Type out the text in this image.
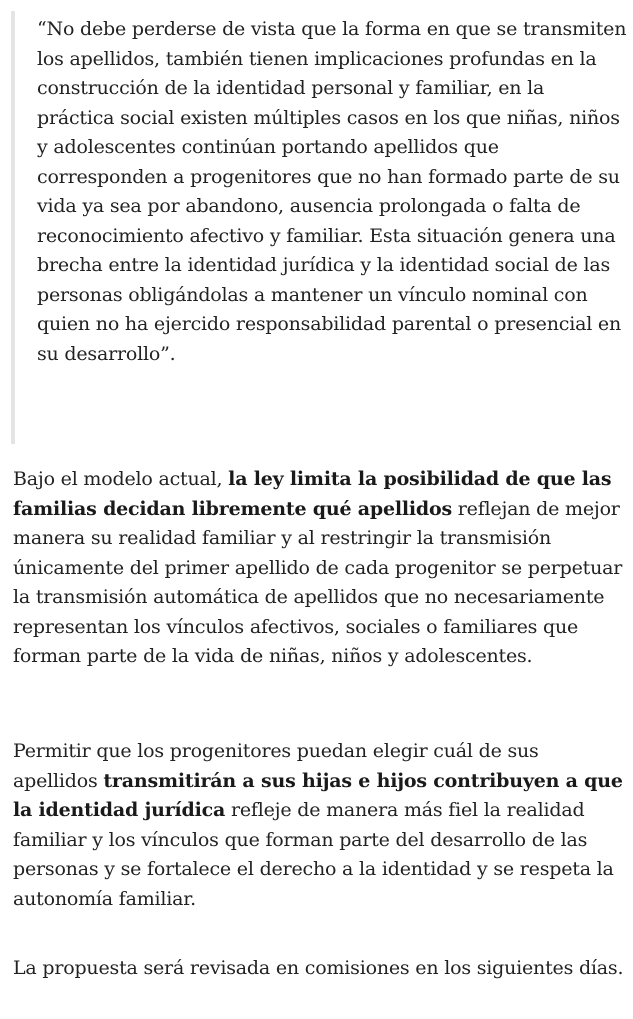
“No debe perderse de vista que la forma en que se transmiten los apellidos, también tienen implicaciones profundas en la construcción de la identidad personal y familiar, en la práctica social existen múltiples casos en los que niñas, niños y adolescentes continúan portando apellidos que corresponden a progenitores que no han formado parte de su vida ya sea por abandono, ausencia prolongada o falta de reconocimiento afectivo y familiar. Esta situación genera una brecha entre la identidad jurídica y la identidad social de las personas obligándolas a mantener un vínculo nominal con quien no ha ejercido responsabilidad parental o presencial en su desarrollo”.

Bajo el modelo actual, la ley limita la posibilidad de que las familias decidan libremente qué apellidos reflejan de mejor manera su realidad familiar y al restringir la transmisión únicamente del primer apellido de cada progenitor se perpetuar la transmisión automática de apellidos que no necesariamente representan los vínculos afectivos, sociales o familiares que forman parte de la vida de niñas, niños y adolescentes.

Permitir que los progenitores puedan elegir cuál de sus apellidos transmitirán a sus hijas e hijos contribuyen a que la identidad jurídica refleje de manera más fiel la realidad familiar y los vínculos que forman parte del desarrollo de las personas y se fortalece el derecho a la identidad y se respeta la autonomía familiar.

La propuesta será revisada en comisiones en los siguientes días.
